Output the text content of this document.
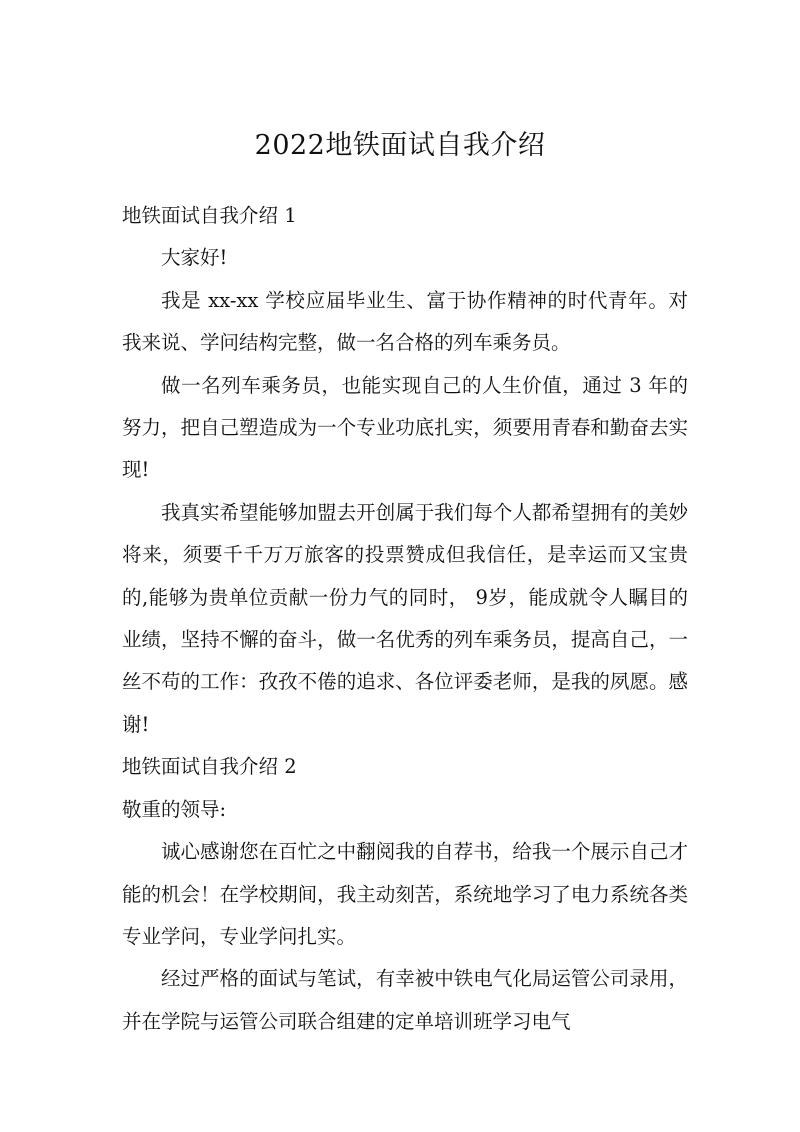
2022地铁面试自我介绍

地铁面试自我介绍 1

大家好!

我是 xx-xx 学校应届毕业生、富于协作精神的时代青年。对我来说、学问结构完整，做一名合格的列车乘务员。

做一名列车乘务员，也能实现自己的人生价值，通过 3 年的努力，把自己塑造成为一个专业功底扎实，须要用青春和勤奋去实现!

我真实希望能够加盟去开创属于我们每个人都希望拥有的美妙将来，须要千千万万旅客的投票赞成但我信任，是幸运而又宝贵的,能够为贵单位贡献一份力气的同时， 9岁，能成就令人瞩目的业绩，坚持不懈的奋斗，做一名优秀的列车乘务员，提高自己，一丝不苟的工作：孜孜不倦的追求、各位评委老师，是我的夙愿。感谢!

地铁面试自我介绍 2

敬重的领导:

诚心感谢您在百忙之中翻阅我的自荐书，给我一个展示自己才能的机会！在学校期间，我主动刻苦，系统地学习了电力系统各类专业学问，专业学问扎实。

经过严格的面试与笔试，有幸被中铁电气化局运管公司录用，并在学院与运管公司联合组建的定单培训班学习电气
